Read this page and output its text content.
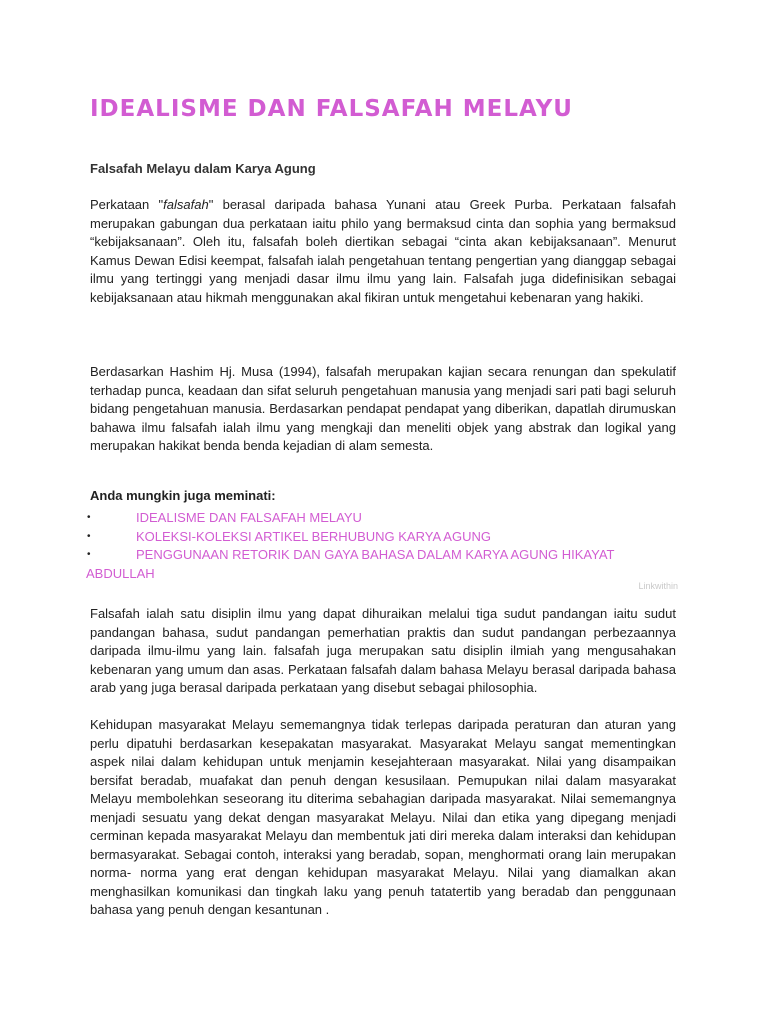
IDEALISME DAN FALSAFAH MELAYU
Falsafah Melayu dalam Karya Agung

Perkataan "falsafah" berasal daripada bahasa Yunani atau Greek Purba. Perkataan falsafah merupakan gabungan dua perkataan iaitu philo yang bermaksud cinta dan sophia yang bermaksud “kebijaksanaan”. Oleh itu, falsafah boleh diertikan sebagai “cinta akan kebijaksanaan”. Menurut Kamus Dewan Edisi keempat, falsafah ialah pengetahuan tentang pengertian yang dianggap sebagai ilmu yang tertinggi yang menjadi dasar ilmu ilmu yang lain. Falsafah juga didefinisikan sebagai kebijaksanaan atau hikmah menggunakan akal fikiran untuk mengetahui kebenaran yang hakiki.

Berdasarkan Hashim Hj. Musa (1994), falsafah merupakan kajian secara renungan dan spekulatif terhadap punca, keadaan dan sifat seluruh pengetahuan manusia yang menjadi sari pati bagi seluruh bidang pengetahuan manusia. Berdasarkan pendapat pendapat yang diberikan, dapatlah dirumuskan bahawa ilmu falsafah ialah ilmu yang mengkaji dan meneliti objek yang abstrak dan logikal yang merupakan hakikat benda benda kejadian di alam semesta.

Anda mungkin juga meminati:
•	IDEALISME DAN FALSAFAH MELAYU
•	KOLEKSI-KOLEKSI ARTIKEL BERHUBUNG KARYA AGUNG
•	PENGGUNAAN RETORIK DAN GAYA BAHASA DALAM KARYA AGUNG HIKAYAT
ABDULLAH
Linkwithin

Falsafah ialah satu disiplin ilmu yang dapat dihuraikan melalui tiga sudut pandangan iaitu sudut pandangan bahasa, sudut pandangan pemerhatian praktis dan sudut pandangan perbezaannya daripada ilmu-ilmu yang lain. falsafah juga merupakan satu disiplin ilmiah yang mengusahakan kebenaran yang umum dan asas. Perkataan falsafah dalam bahasa Melayu berasal daripada bahasa arab yang juga berasal daripada perkataan yang disebut sebagai philosophia.

Kehidupan masyarakat Melayu sememangnya tidak terlepas daripada peraturan dan aturan yang perlu dipatuhi berdasarkan kesepakatan masyarakat. Masyarakat Melayu sangat mementingkan aspek nilai dalam kehidupan untuk menjamin kesejahteraan masyarakat. Nilai yang disampaikan bersifat beradab, muafakat dan penuh dengan kesusilaan. Pemupukan nilai dalam masyarakat Melayu membolehkan seseorang itu diterima sebahagian daripada masyarakat. Nilai sememangnya menjadi sesuatu yang dekat dengan masyarakat Melayu. Nilai dan etika yang dipegang menjadi cerminan kepada masyarakat Melayu dan membentuk jati diri mereka dalam interaksi dan kehidupan bermasyarakat. Sebagai contoh, interaksi yang beradab, sopan, menghormati orang lain merupakan norma- norma yang erat dengan kehidupan masyarakat Melayu. Nilai yang diamalkan akan menghasilkan komunikasi dan tingkah laku yang penuh tatatertib yang beradab dan penggunaan bahasa yang penuh dengan kesantunan .
